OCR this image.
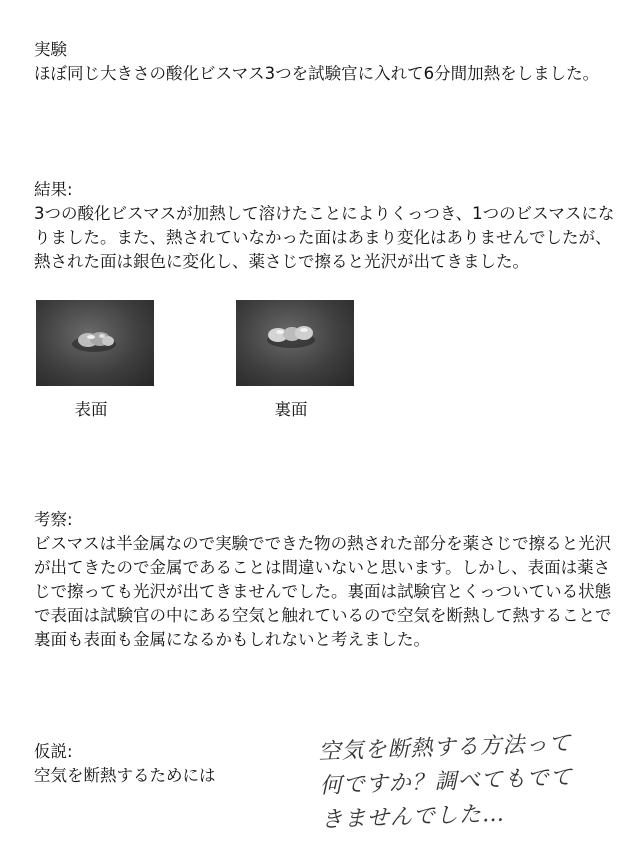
実験

ほぼ同じ大きさの酸化ビスマス3つを試験官に入れて6分間加熱をしました。

結果:

3つの酸化ビスマスが加熱して溶けたことによりくっつき、1つのビスマスになりました。また、熱されていなかった面はあまり変化はありませんでしたが、熱された面は銀色に変化し、薬さじで擦ると光沢が出てきました。

表面	裏面

考察:

ビスマスは半金属なので実験でできた物の熱された部分を薬さじで擦ると光沢が出てきたので金属であることは間違いないと思います。しかし、表面は薬さじで擦っても光沢が出てきませんでした。裏面は試験官とくっついている状態で表面は試験官の中にある空気と触れているので空気を断熱して熱することで裏面も表面も金属になるかもしれないと考えました。

仮説:

空気を断熱するためには

空気を断熱する方法って
何ですか？調べてもでて
きませんでした…
